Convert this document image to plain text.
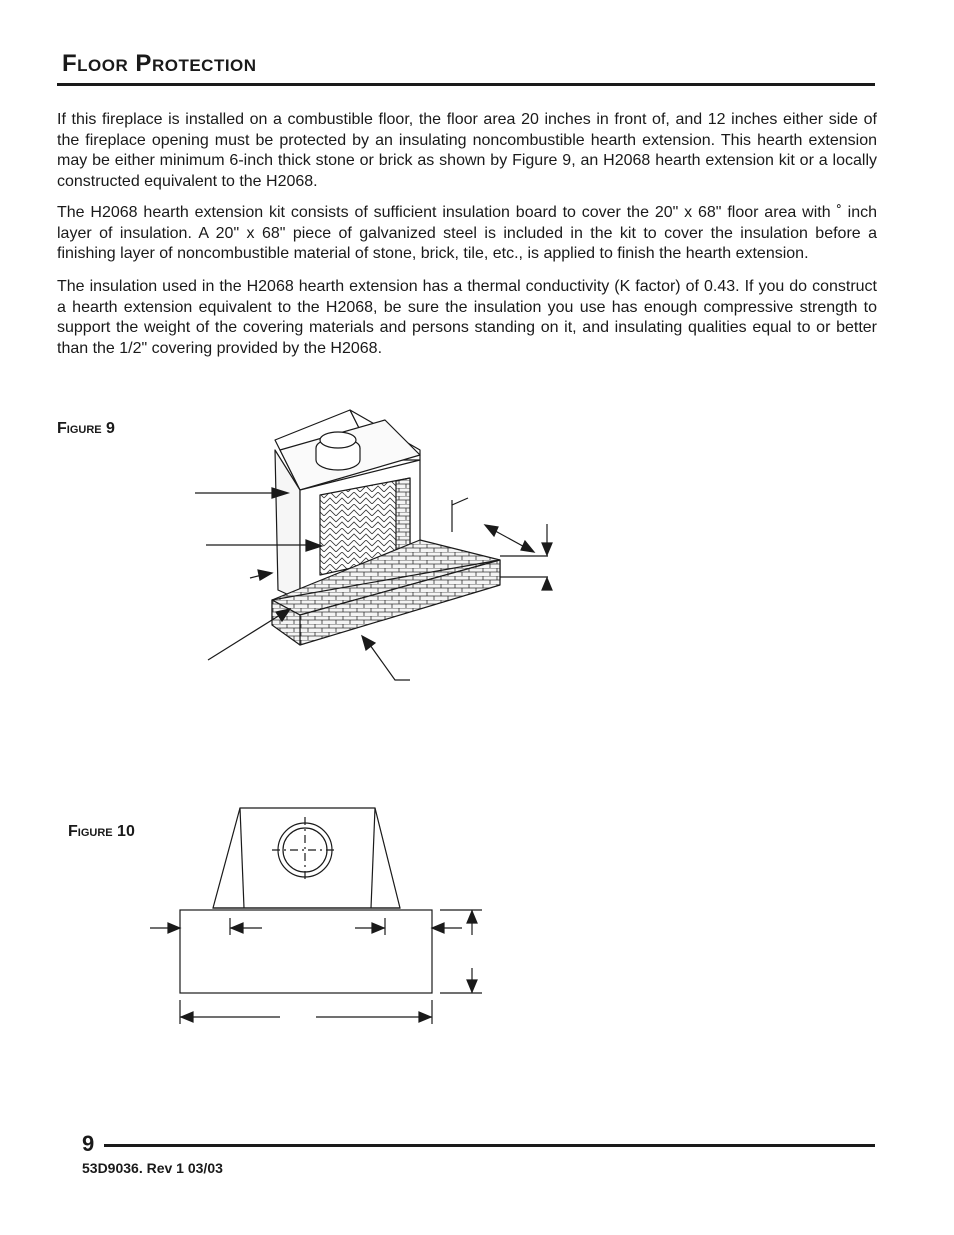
Floor Protection

If this fireplace is installed on a combustible floor, the floor area 20 inches in front of, and 12 inches either side of the fireplace opening must be protected by an insulating noncombustible hearth extension. This hearth extension may be either minimum 6-inch thick stone or brick as shown by Figure 9, an H2068 hearth extension kit or a locally constructed equivalent to the H2068.

The H2068 hearth extension kit consists of sufficient insulation board to cover the 20" x 68" floor area with ˚ inch layer of insulation. A 20" x 68" piece of galvanized steel is included in the kit to cover the insulation before a finishing layer of noncombustible material of stone, brick, tile, etc., is applied to finish the hearth extension.

The insulation used in the H2068 hearth extension has a thermal conductivity (K factor) of 0.43. If you do construct a hearth extension equivalent to the H2068, be sure the insulation you use has enough compressive strength to support the weight of the covering materials and persons standing on it, and insulating qualities equal to or better than the 1/2" covering provided by the H2068.

Figure 9

Figure 10

9

53D9036. Rev 1 03/03
